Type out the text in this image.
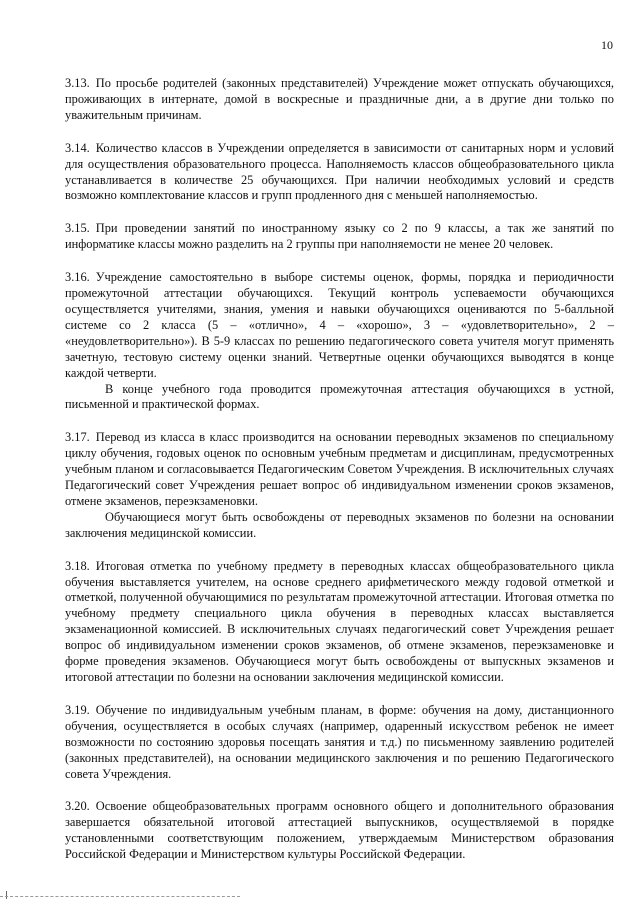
10

3.13. По просьбе родителей (законных представителей) Учреждение может отпускать обучающихся, проживающих в интернате, домой в воскресные и праздничные дни, а в другие дни только по уважительным причинам.

3.14. Количество классов в Учреждении определяется в зависимости от санитарных норм и условий для осуществления образовательного процесса. Наполняемость классов общеобразовательного цикла устанавливается в количестве 25 обучающихся. При наличии необходимых условий и средств возможно комплектование классов и групп продленного дня с меньшей наполняемостью.

3.15. При проведении занятий по иностранному языку со 2 по 9 классы, а так же занятий по информатике классы можно разделить на 2 группы при наполняемости не менее 20 человек.

3.16. Учреждение самостоятельно в выборе системы оценок, формы, порядка и периодичности промежуточной аттестации обучающихся. Текущий контроль успеваемости обучающихся осуществляется учителями, знания, умения и навыки обучающихся оцениваются по 5-балльной системе со 2 класса (5 – «отлично», 4 – «хорошо», 3 – «удовлетворительно», 2 – «неудовлетворительно»). В 5-9 классах по решению педагогического совета учителя могут применять зачетную, тестовую систему оценки знаний. Четвертные оценки обучающихся выводятся в конце каждой четверти.

В конце учебного года проводится промежуточная аттестация обучающихся в устной, письменной и практической формах.

3.17. Перевод из класса в класс производится на основании переводных экзаменов по специальному циклу обучения, годовых оценок по основным учебным предметам и дисциплинам, предусмотренных учебным планом и согласовывается Педагогическим Советом Учреждения. В исключительных случаях Педагогический совет Учреждения решает вопрос об индивидуальном изменении сроков экзаменов, отмене экзаменов, переэкзаменовки.

Обучающиеся могут быть освобождены от переводных экзаменов по болезни на основании заключения медицинской комиссии.

3.18. Итоговая отметка по учебному предмету в переводных классах общеобразовательного цикла обучения выставляется учителем, на основе среднего арифметического между годовой отметкой и отметкой, полученной обучающимися по результатам промежуточной аттестации. Итоговая отметка по учебному предмету специального цикла обучения в переводных классах выставляется экзаменационной комиссией. В исключительных случаях педагогический совет Учреждения решает вопрос об индивидуальном изменении сроков экзаменов, об отмене экзаменов, переэкзаменовке и форме проведения экзаменов. Обучающиеся могут быть освобождены от выпускных экзаменов и итоговой аттестации по болезни на основании заключения медицинской комиссии.

3.19. Обучение по индивидуальным учебным планам, в форме: обучения на дому, дистанционного обучения, осуществляется в особых случаях (например, одаренный искусством ребенок не имеет возможности по состоянию здоровья посещать занятия и т.д.) по письменному заявлению родителей (законных представителей), на основании медицинского заключения и по решению Педагогического совета Учреждения.

3.20. Освоение общеобразовательных программ основного общего и дополнительного образования завершается обязательной итоговой аттестацией выпускников, осуществляемой в порядке установленными соответствующим положением, утверждаемым Министерством образования Российской Федерации и Министерством культуры Российской Федерации.
